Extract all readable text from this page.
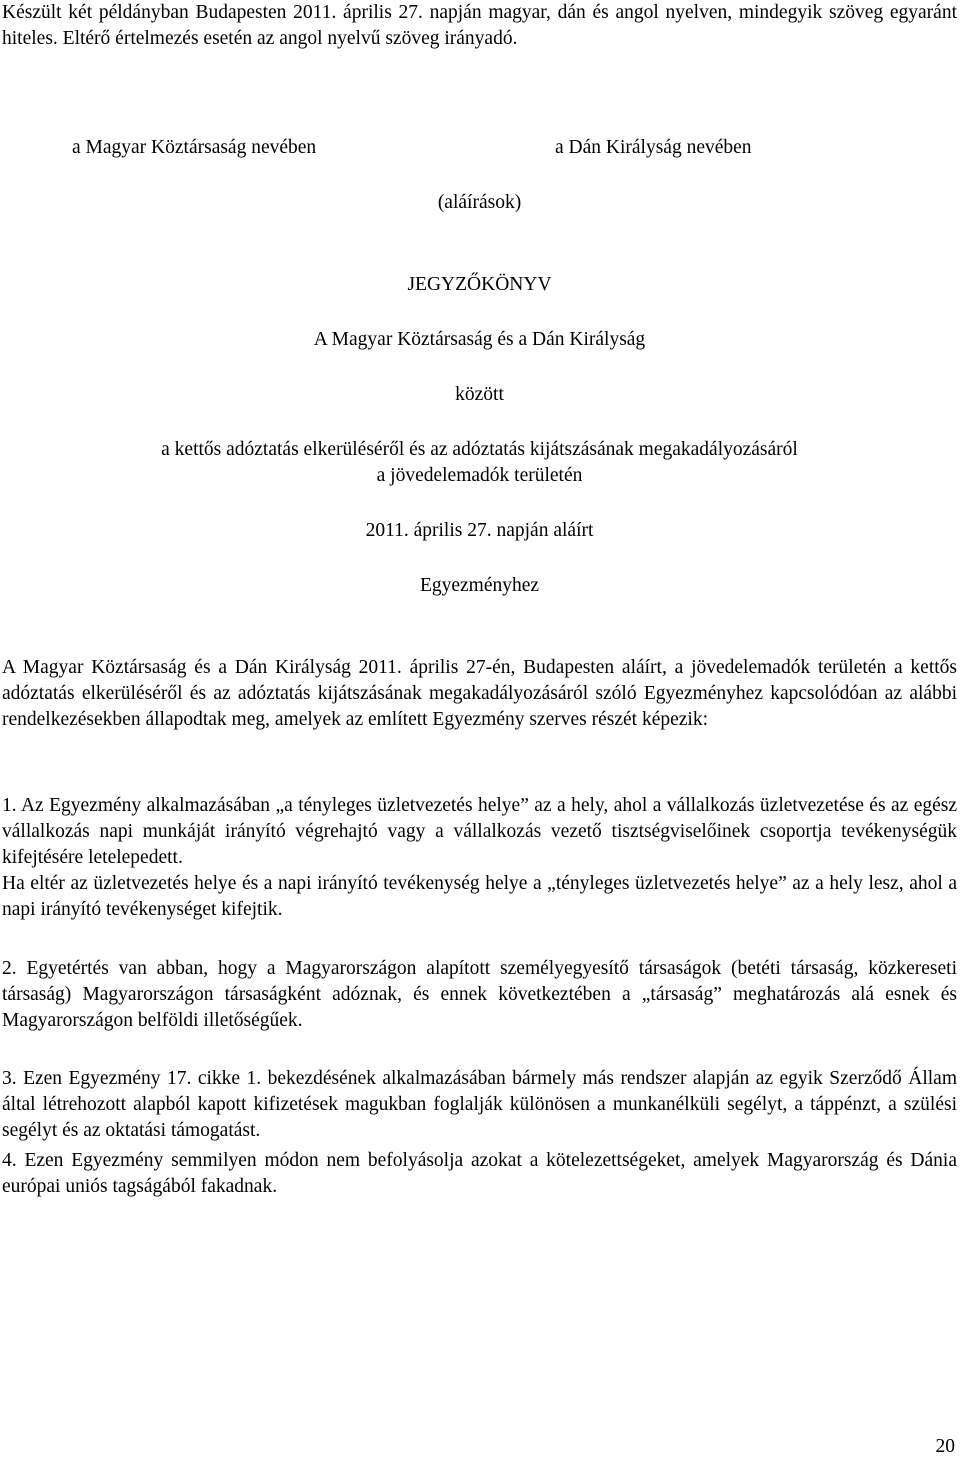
Készült két példányban Budapesten 2011. április 27. napján magyar, dán és angol nyelven, mindegyik szöveg egyaránt hiteles. Eltérő értelmezés esetén az angol nyelvű szöveg irányadó.

a Magyar Köztársaság nevében	a Dán Királyság nevében

(aláírások)

JEGYZŐKÖNYV

A Magyar Köztársaság és a Dán Királyság

között

a kettős adóztatás elkerüléséről és az adóztatás kijátszásának megakadályozásáról

a jövedelemadók területén

2011. április 27. napján aláírt

Egyezményhez

A Magyar Köztársaság és a Dán Királyság 2011. április 27-én, Budapesten aláírt, a jövedelemadók területén a kettős adóztatás elkerüléséről és az adóztatás kijátszásának megakadályozásáról szóló Egyezményhez kapcsolódóan az alábbi rendelkezésekben állapodtak meg, amelyek az említett Egyezmény szerves részét képezik:

1. Az Egyezmény alkalmazásában „a tényleges üzletvezetés helye” az a hely, ahol a vállalkozás üzletvezetése és az egész vállalkozás napi munkáját irányító végrehajtó vagy a vállalkozás vezető tisztségviselőinek csoportja tevékenységük kifejtésére letelepedett.

Ha eltér az üzletvezetés helye és a napi irányító tevékenység helye a „tényleges üzletvezetés helye” az a hely lesz, ahol a napi irányító tevékenységet kifejtik.

2. Egyetértés van abban, hogy a Magyarországon alapított személyegyesítő társaságok (betéti társaság, közkereseti társaság) Magyarországon társaságként adóznak, és ennek következtében a „társaság” meghatározás alá esnek és Magyarországon belföldi illetőségűek.

3. Ezen Egyezmény 17. cikke 1. bekezdésének alkalmazásában bármely más rendszer alapján az egyik Szerződő Állam által létrehozott alapból kapott kifizetések magukban foglalják különösen a munkanélküli segélyt, a táppénzt, a szülési segélyt és az oktatási támogatást.

4. Ezen Egyezmény semmilyen módon nem befolyásolja azokat a kötelezettségeket, amelyek Magyarország és Dánia európai uniós tagságából fakadnak.

20
